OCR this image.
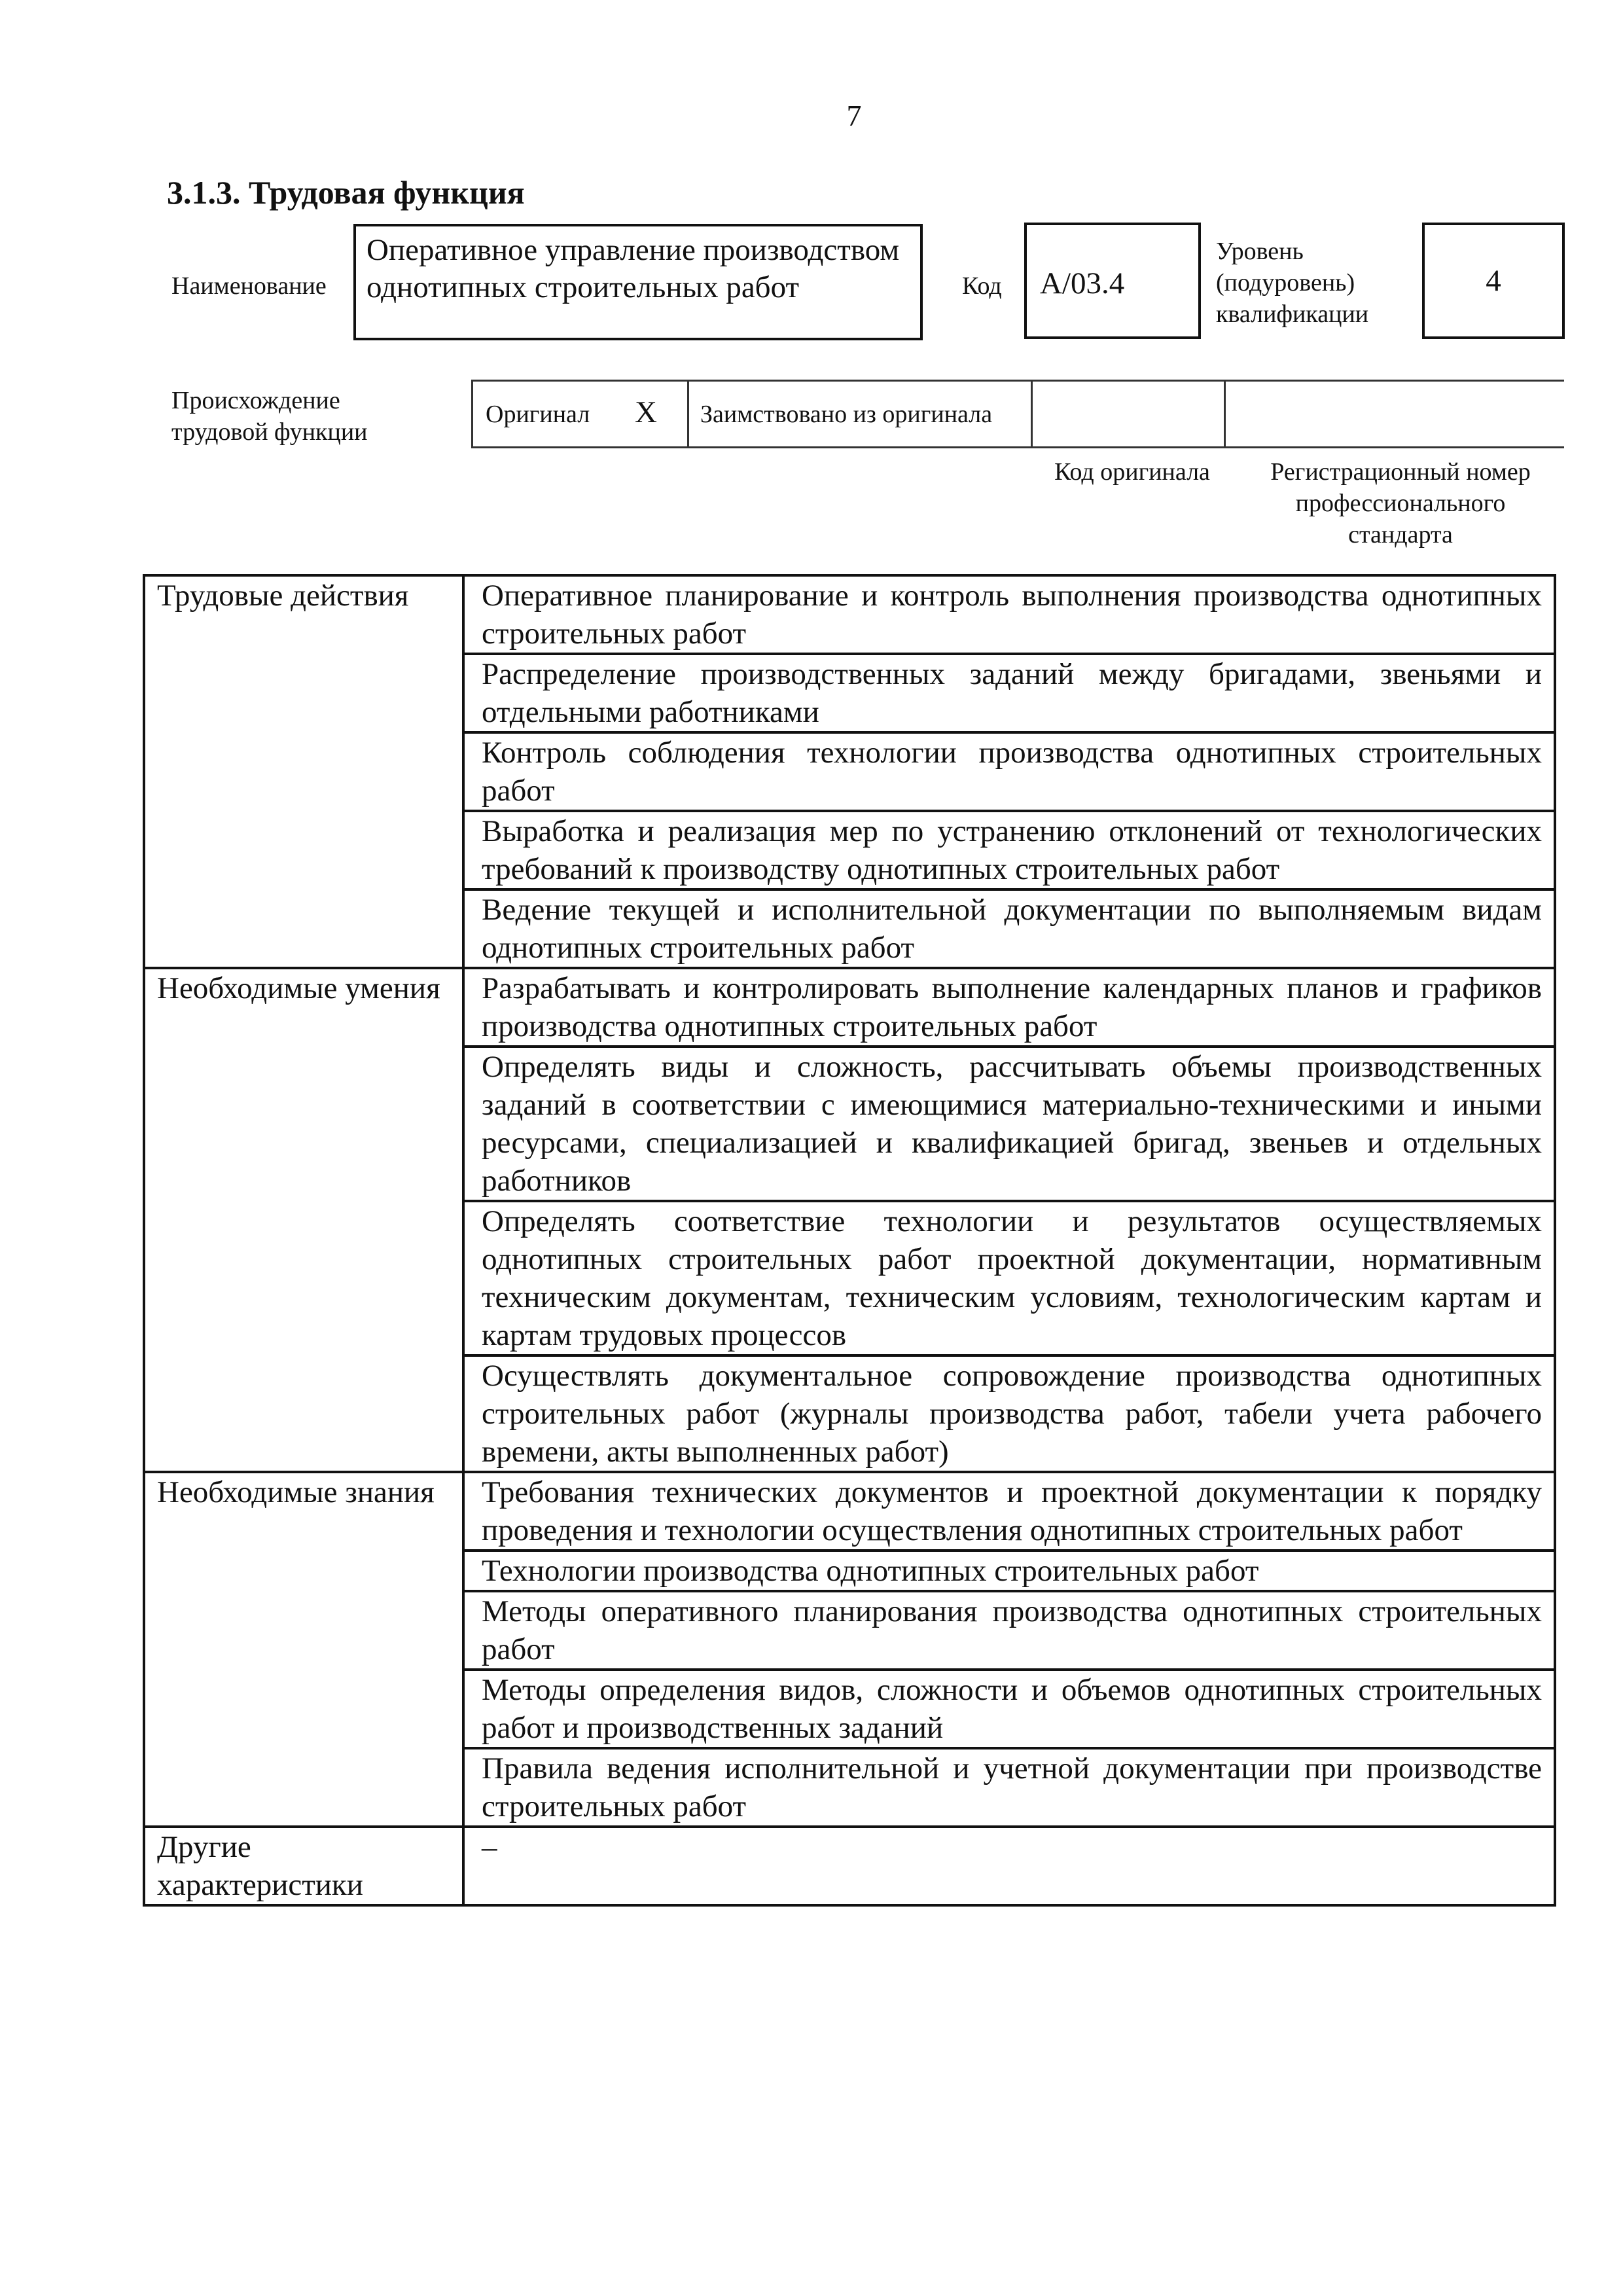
7
3.1.3. Трудовая функция
Наименование
Оперативное управление производством однотипных строительных работ	Код	A/03.4
Уровень (подуровень) квалификации
4
Происхождение трудовой функции
Оригинал X Заимствовано из оригинала
Код оригинала	Регистрационный номер профессионального стандарта
Трудовые действия	Оперативное планирование и контроль выполнения производства однотипных строительных работ
	Распределение производственных заданий между бригадами, звеньями и отдельными работниками
	Контроль соблюдения технологии производства однотипных строительных работ
	Выработка и реализация мер по устранению отклонений от технологических требований к производству однотипных строительных работ
	Ведение текущей и исполнительной документации по выполняемым видам однотипных строительных работ
Необходимые умения	Разрабатывать и контролировать выполнение календарных планов и графиков производства однотипных строительных работ
	Определять виды и сложность, рассчитывать объемы производственных заданий в соответствии с имеющимися материально-техническими и иными ресурсами, специализацией и квалификацией бригад, звеньев и отдельных работников
	Определять соответствие технологии и результатов осуществляемых однотипных строительных работ проектной документации, нормативным техническим документам, техническим условиям, технологическим картам и картам трудовых процессов
	Осуществлять документальное сопровождение производства однотипных строительных работ (журналы производства работ, табели учета рабочего времени, акты выполненных работ)
Необходимые знания	Требования технических документов и проектной документации к порядку проведения и технологии осуществления однотипных строительных работ
	Технологии производства однотипных строительных работ
	Методы оперативного планирования производства однотипных строительных работ
	Методы определения видов, сложности и объемов однотипных строительных работ и производственных заданий
	Правила ведения исполнительной и учетной документации при производстве строительных работ
Другие характеристики	–
